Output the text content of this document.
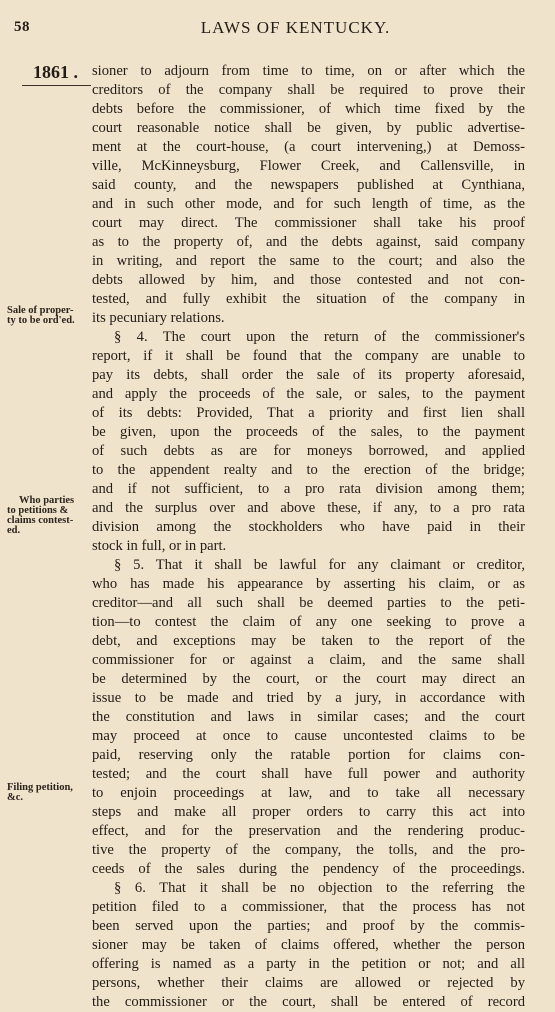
58	LAWS OF KENTUCKY.
1861 .
Sale of proper-
ty to be ord'ed.
Who parties
to petitions &
claims contest-
ed.
Filing petition,
&c.
sioner to adjourn from time to time, on or after which the
creditors of the company shall be required to prove their
debts before the commissioner, of which time fixed by the
court reasonable notice shall be given, by public advertise-
ment at the court-house, (a court intervening,) at Demoss-
ville, McKinneysburg, Flower Creek, and Callensville, in
said county, and the newspapers published at Cynthiana,
and in such other mode, and for such length of time, as the
court may direct. The commissioner shall take his proof
as to the property of, and the debts against, said company
in writing, and report the same to the court; and also the
debts allowed by him, and those contested and not con-
tested, and fully exhibit the situation of the company in
its pecuniary relations.
§ 4. The court upon the return of the commissioner's
report, if it shall be found that the company are unable to
pay its debts, shall order the sale of its property aforesaid,
and apply the proceeds of the sale, or sales, to the payment
of its debts: Provided, That a priority and first lien shall
be given, upon the proceeds of the sales, to the payment
of such debts as are for moneys borrowed, and applied
to the appendent realty and to the erection of the bridge;
and if not sufficient, to a pro rata division among them;
and the surplus over and above these, if any, to a pro rata
division among the stockholders who have paid in their
stock in full, or in part.
§ 5. That it shall be lawful for any claimant or creditor,
who has made his appearance by asserting his claim, or as
creditor—and all such shall be deemed parties to the peti-
tion—to contest the claim of any one seeking to prove a
debt, and exceptions may be taken to the report of the
commissioner for or against a claim, and the same shall
be determined by the court, or the court may direct an
issue to be made and tried by a jury, in accordance with
the constitution and laws in similar cases; and the court
may proceed at once to cause uncontested claims to be
paid, reserving only the ratable portion for claims con-
tested; and the court shall have full power and authority
to enjoin proceedings at law, and to take all necessary
steps and make all proper orders to carry this act into
effect, and for the preservation and the rendering produc-
tive the property of the company, the tolls, and the pro-
ceeds of the sales during the pendency of the proceedings.
§ 6. That it shall be no objection to the referring the
petition filed to a commissioner, that the process has not
been served upon the parties; and proof by the commis-
sioner may be taken of claims offered, whether the person
offering is named as a party in the petition or not; and all
persons, whether their claims are allowed or rejected by
the commissioner or the court, shall be entered of record
